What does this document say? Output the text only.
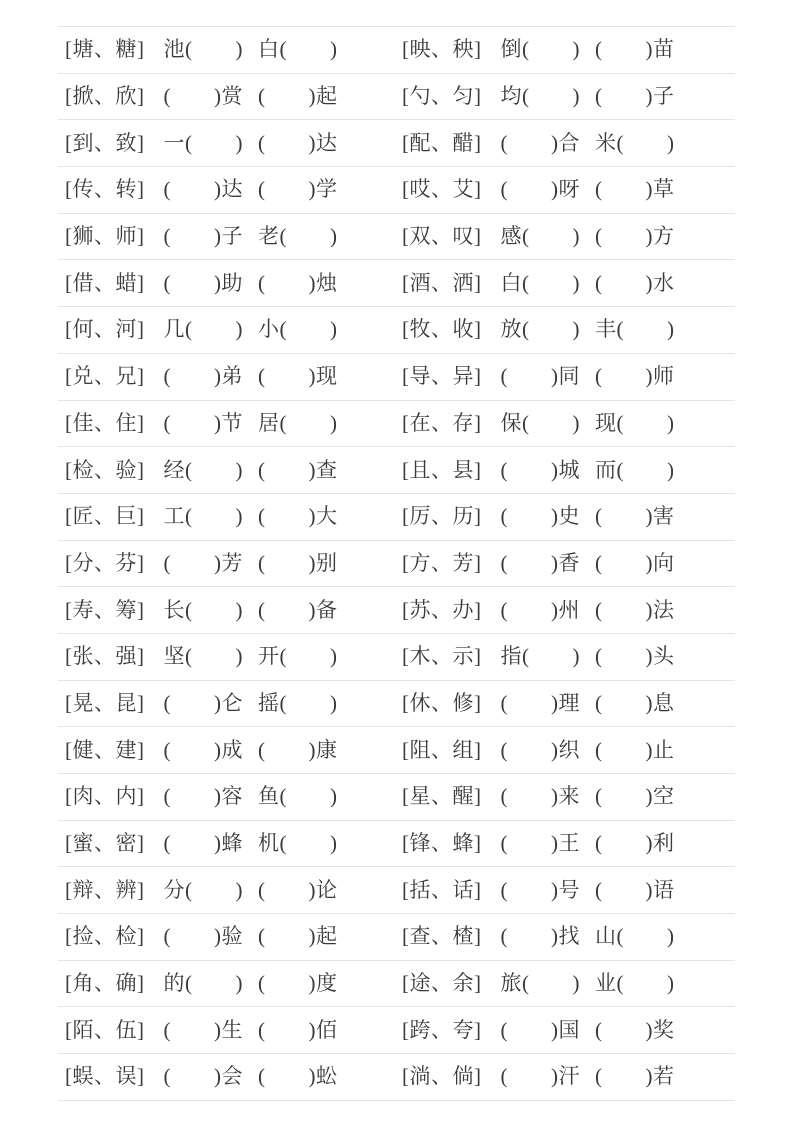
[塘、糖] 池(　　) 白(　　)	[映、秧] 倒(　　) (　　)苗
[掀、欣] (　　)赏 (　　)起	[勺、匀] 均(　　) (　　)子
[到、致] 一(　　) (　　)达	[配、醋] (　　)合 米(　　)
[传、转] (　　)达 (　　)学	[哎、艾] (　　)呀 (　　)草
[狮、师] (　　)子 老(　　)	[双、叹] 感(　　) (　　)方
[借、蜡] (　　)助 (　　)烛	[酒、洒] 白(　　) (　　)水
[何、河] 几(　　) 小(　　)	[牧、收] 放(　　) 丰(　　)
[兑、兄] (　　)弟 (　　)现	[导、异] (　　)同 (　　)师
[佳、住] (　　)节 居(　　)	[在、存] 保(　　) 现(　　)
[检、验] 经(　　) (　　)查	[且、县] (　　)城 而(　　)
[匠、巨] 工(　　) (　　)大	[厉、历] (　　)史 (　　)害
[分、芬] (　　)芳 (　　)别	[方、芳] (　　)香 (　　)向
[寿、筹] 长(　　) (　　)备	[苏、办] (　　)州 (　　)法
[张、强] 坚(　　) 开(　　)	[木、示] 指(　　) (　　)头
[晃、昆] (　　)仑 摇(　　)	[休、修] (　　)理 (　　)息
[健、建] (　　)成 (　　)康	[阻、组] (　　)织 (　　)止
[肉、内] (　　)容 鱼(　　)	[星、醒] (　　)来 (　　)空
[蜜、密] (　　)蜂 机(　　)	[锋、蜂] (　　)王 (　　)利
[辩、辨] 分(　　) (　　)论	[括、话] (　　)号 (　　)语
[捡、检] (　　)验 (　　)起	[查、楂] (　　)找 山(　　)
[角、确] 的(　　) (　　)度	[途、余] 旅(　　) 业(　　)
[陌、伍] (　　)生 (　　)佰	[跨、夸] (　　)国 (　　)奖
[蜈、误] (　　)会 (　　)蚣	[淌、倘] (　　)汗 (　　)若
